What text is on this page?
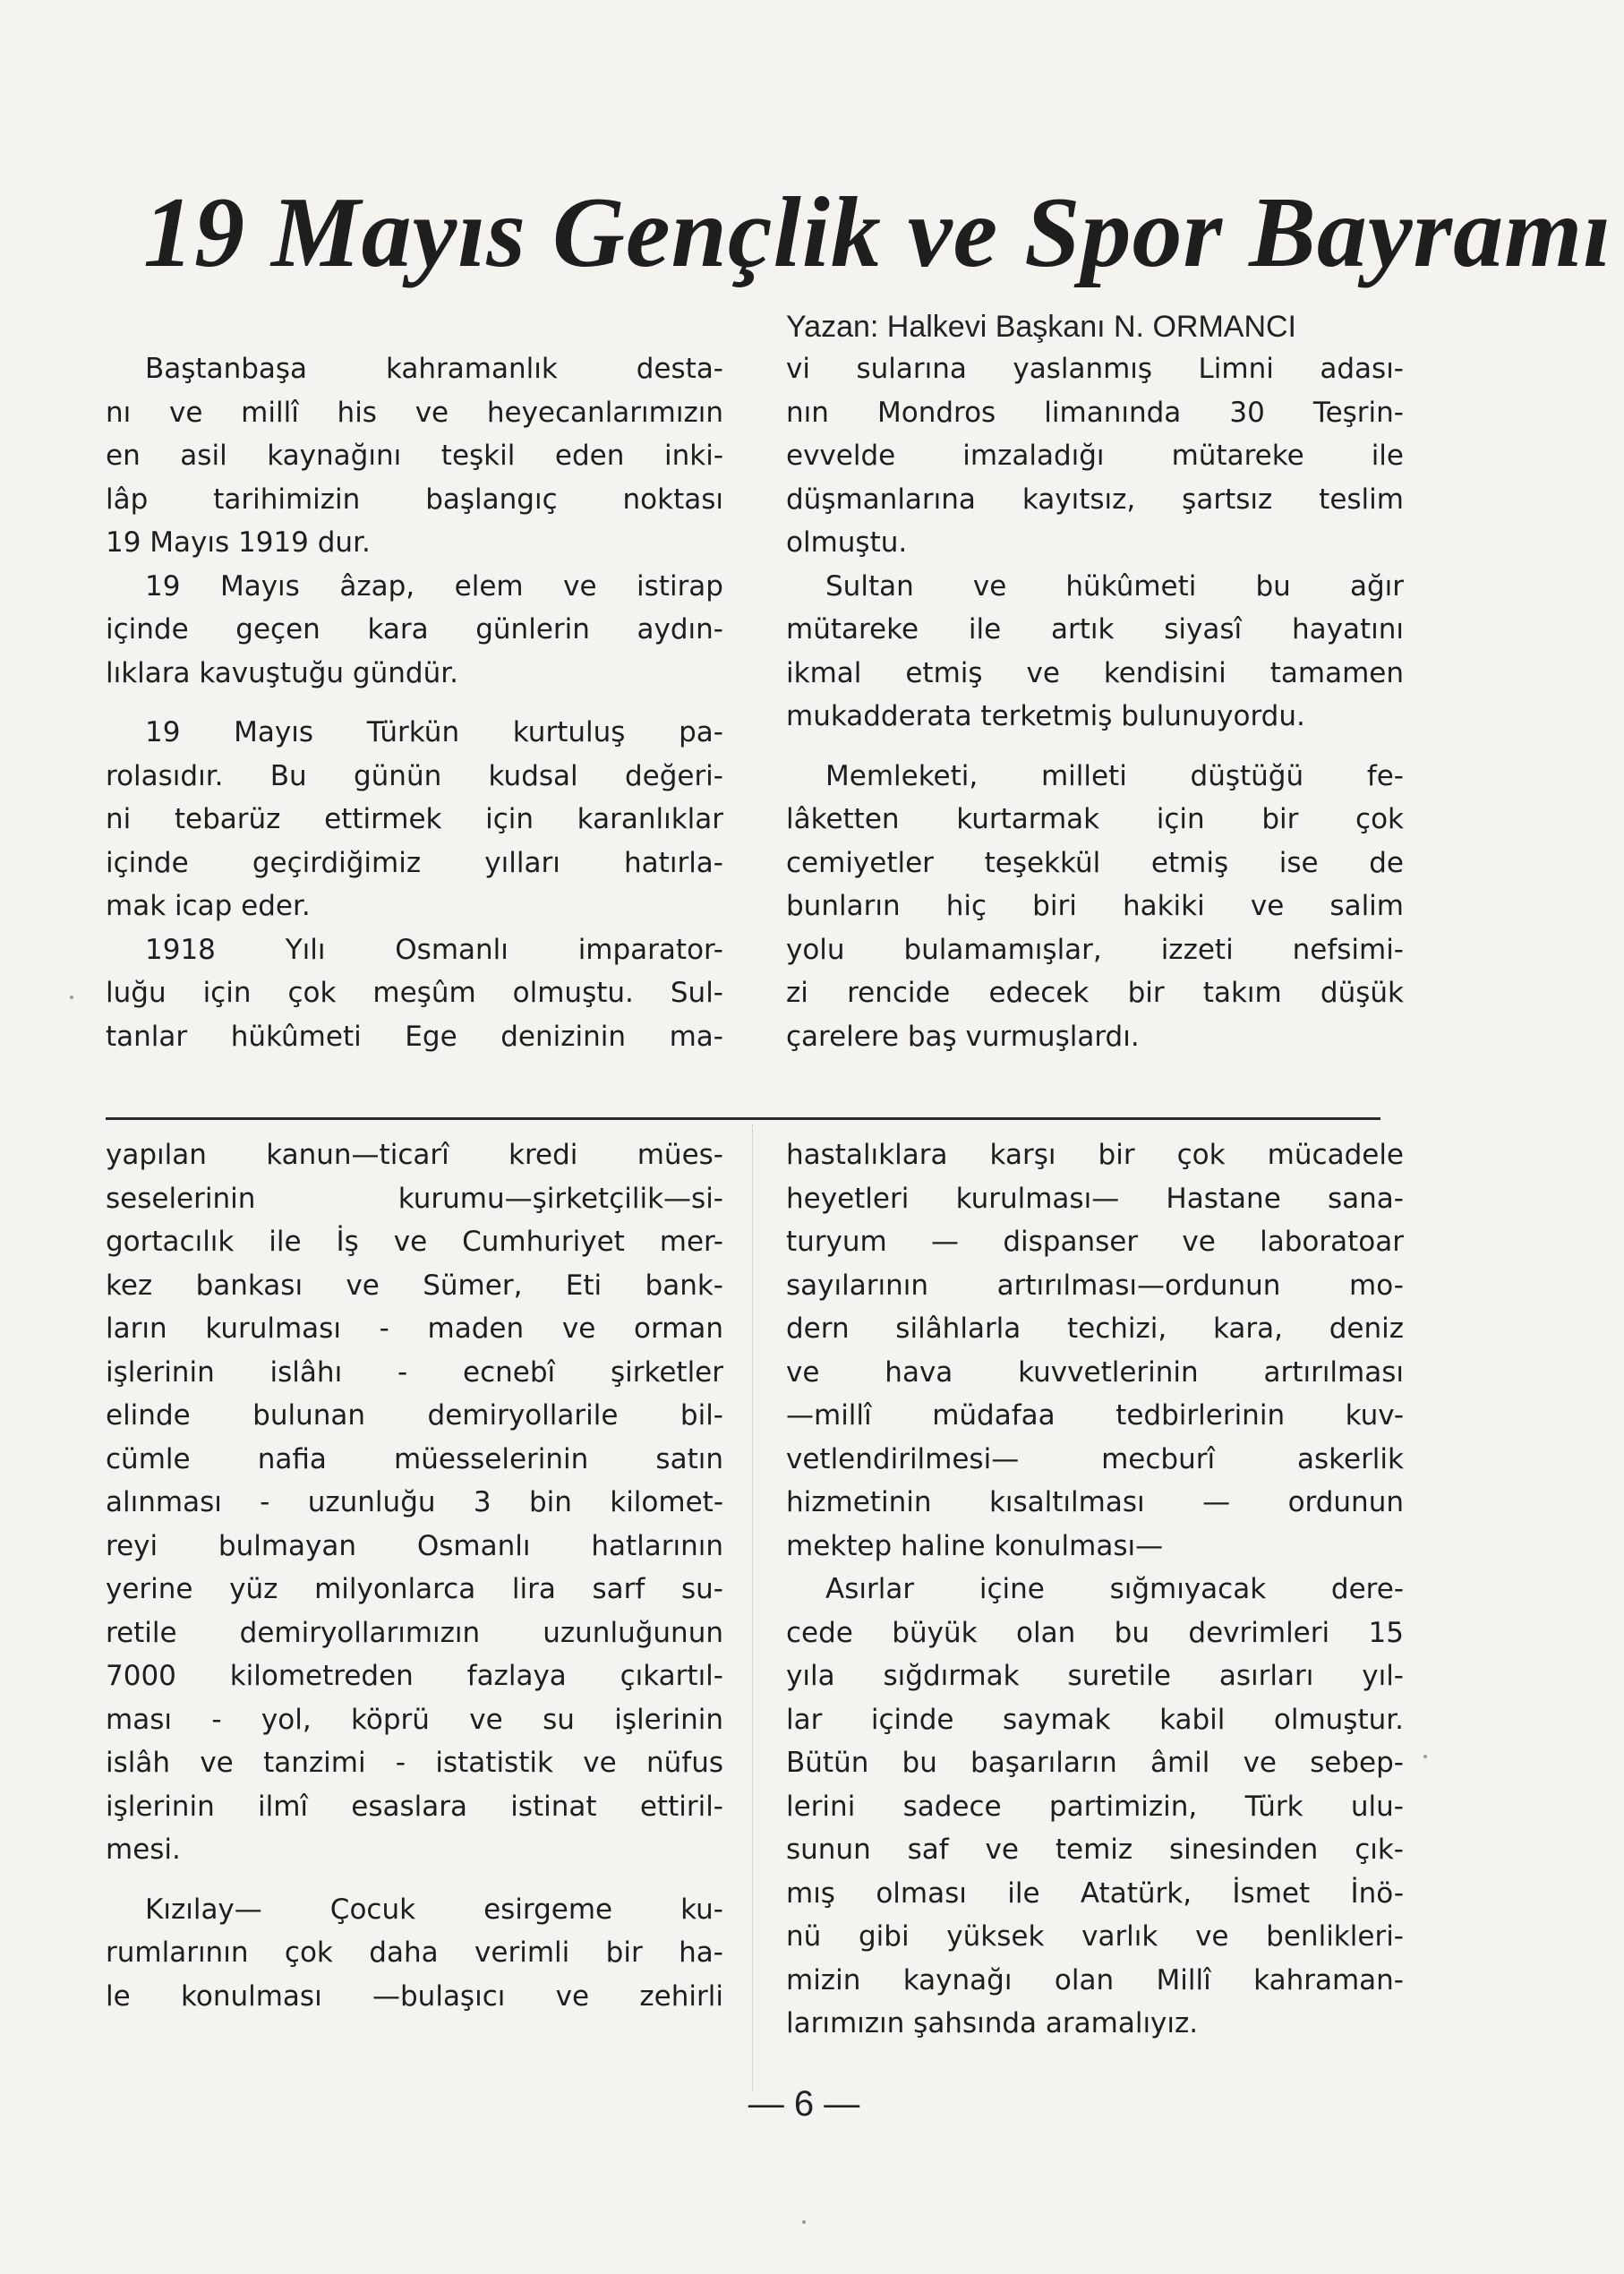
19 Mayıs Gençlik ve Spor Bayramı
Yazan: Halkevi Başkanı N. ORMANCI
Baştanbaşa kahramanlık desta-
nı ve millî his ve heyecanlarımızın
en asil kaynağını teşkil eden inki-
lâp tarihimizin başlangıç noktası
19 Mayıs 1919 dur.
19 Mayıs âzap, elem ve istirap
içinde geçen kara günlerin aydın-
lıklara kavuştuğu gündür.
19 Mayıs Türkün kurtuluş pa-
rolasıdır. Bu günün kudsal değeri-
ni tebarüz ettirmek için karanlıklar
içinde geçirdiğimiz yılları hatırla-
mak icap eder.
1918 Yılı Osmanlı imparator-
luğu için çok meşûm olmuştu. Sul-
tanlar hükûmeti Ege denizinin ma-
vi sularına yaslanmış Limni adası-
nın Mondros limanında 30 Teşrin-
evvelde imzaladığı mütareke ile
düşmanlarına kayıtsız, şartsız teslim
olmuştu.
Sultan ve hükûmeti bu ağır
mütareke ile artık siyasî hayatını
ikmal etmiş ve kendisini tamamen
mukadderata terketmiş bulunuyordu.
Memleketi, milleti düştüğü fe-
lâketten kurtarmak için bir çok
cemiyetler teşekkül etmiş ise de
bunların hiç biri hakiki ve salim
yolu bulamamışlar, izzeti nefsimi-
zi rencide edecek bir takım düşük
çarelere baş vurmuşlardı.
yapılan kanun—ticarî kredi mües-
seselerinin kurumu—şirketçilik—si-
gortacılık ile İş ve Cumhuriyet mer-
kez bankası ve Sümer, Eti bank-
ların kurulması - maden ve orman
işlerinin islâhı - ecnebî şirketler
elinde bulunan demiryollarile bil-
cümle nafia müesselerinin satın
alınması - uzunluğu 3 bin kilomet-
reyi bulmayan Osmanlı hatlarının
yerine yüz milyonlarca lira sarf su-
retile demiryollarımızın uzunluğunun
7000 kilometreden fazlaya çıkartıl-
ması - yol, köprü ve su işlerinin
islâh ve tanzimi - istatistik ve nüfus
işlerinin ilmî esaslara istinat ettiril-
mesi.
Kızılay— Çocuk esirgeme ku-
rumlarının çok daha verimli bir ha-
le konulması —bulaşıcı ve zehirli
hastalıklara karşı bir çok mücadele
heyetleri kurulması— Hastane sana-
turyum — dispanser ve laboratoar
sayılarının artırılması—ordunun mo-
dern silâhlarla techizi, kara, deniz
ve hava kuvvetlerinin artırılması
—millî müdafaa tedbirlerinin kuv-
vetlendirilmesi— mecburî askerlik
hizmetinin kısaltılması — ordunun
mektep haline konulması—
Asırlar içine sığmıyacak dere-
cede büyük olan bu devrimleri 15
yıla sığdırmak suretile asırları yıl-
lar içinde saymak kabil olmuştur.
Bütün bu başarıların âmil ve sebep-
lerini sadece partimizin, Türk ulu-
sunun saf ve temiz sinesinden çık-
mış olması ile Atatürk, İsmet İnö-
nü gibi yüksek varlık ve benlikleri-
mizin kaynağı olan Millî kahraman-
larımızın şahsında aramalıyız.
— 6 —
